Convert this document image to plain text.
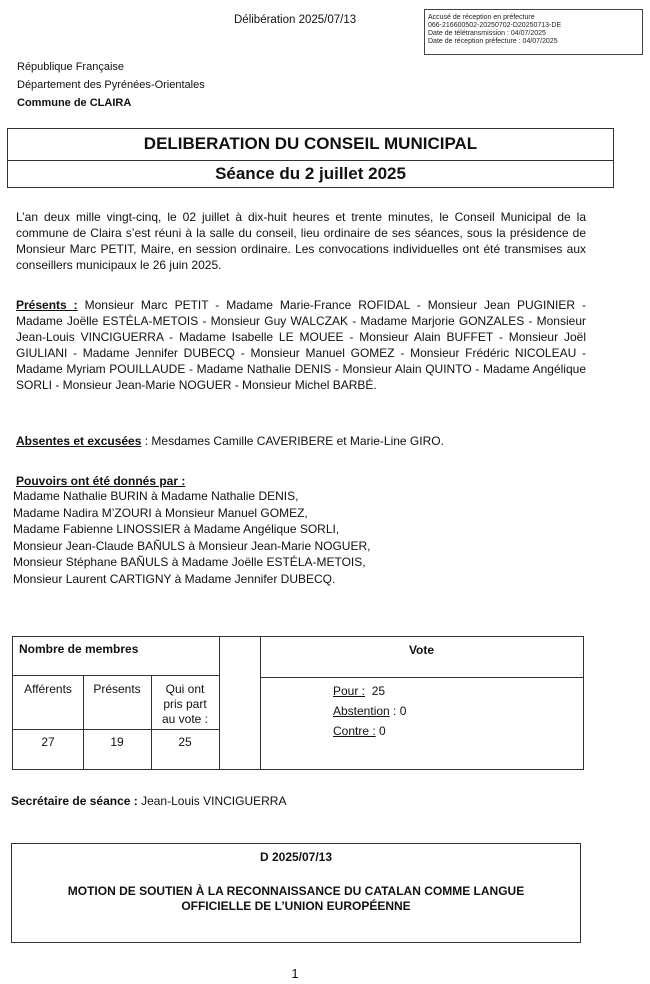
Délibération 2025/07/13	Accusé de réception en préfecture
066-216600502-20250702-D20250713-DE
Date de télétransmission : 04/07/2025
Date de réception préfecture : 04/07/2025
République Française
Département des Pyrénées-Orientales
Commune de CLAIRA
DELIBERATION DU CONSEIL MUNICIPAL
Séance du 2 juillet 2025
L’an deux mille vingt-cinq, le 02 juillet à dix-huit heures et trente minutes, le Conseil Municipal de la commune de Claira s’est réuni à la salle du conseil, lieu ordinaire de ses séances, sous la présidence de Monsieur Marc PETIT, Maire, en session ordinaire. Les convocations individuelles ont été transmises aux conseillers municipaux le 26 juin 2025.
Présents : Monsieur Marc PETIT - Madame Marie-France ROFIDAL - Monsieur Jean PUGINIER - Madame Joëlle ESTÉLA-METOIS - Monsieur Guy WALCZAK - Madame Marjorie GONZALES - Monsieur Jean-Louis VINCIGUERRA - Madame Isabelle LE MOUEE - Monsieur Alain BUFFET - Monsieur Joël GIULIANI - Madame Jennifer DUBECQ - Monsieur Manuel GOMEZ - Monsieur Frédéric NICOLEAU - Madame Myriam POUILLAUDE - Madame Nathalie DENIS - Monsieur Alain QUINTO - Madame Angélique SORLI - Monsieur Jean-Marie NOGUER - Monsieur Michel BARBÉ.
Absentes et excusées : Mesdames Camille CAVERIBERE et Marie-Line GIRO.
Pouvoirs ont été donnés par :
Madame Nathalie BURIN à Madame Nathalie DENIS,
Madame Nadira M’ZOURI à Monsieur Manuel GOMEZ,
Madame Fabienne LINOSSIER à Madame Angélique SORLI,
Monsieur Jean-Claude BAÑULS à Monsieur Jean-Marie NOGUER,
Monsieur Stéphane BAÑULS à Madame Joëlle ESTÉLA-METOIS,
Monsieur Laurent CARTIGNY à Madame Jennifer DUBECQ.
Nombre de membres	Vote
Afférents	Présents	Qui ont
pris part
au vote :
27	19	25
Pour : 25
Abstention : 0
Contre : 0
Secrétaire de séance : Jean-Louis VINCIGUERRA
D 2025/07/13
MOTION DE SOUTIEN À LA RECONNAISSANCE DU CATALAN COMME LANGUE OFFICIELLE DE L’UNION EUROPÉENNE
1
